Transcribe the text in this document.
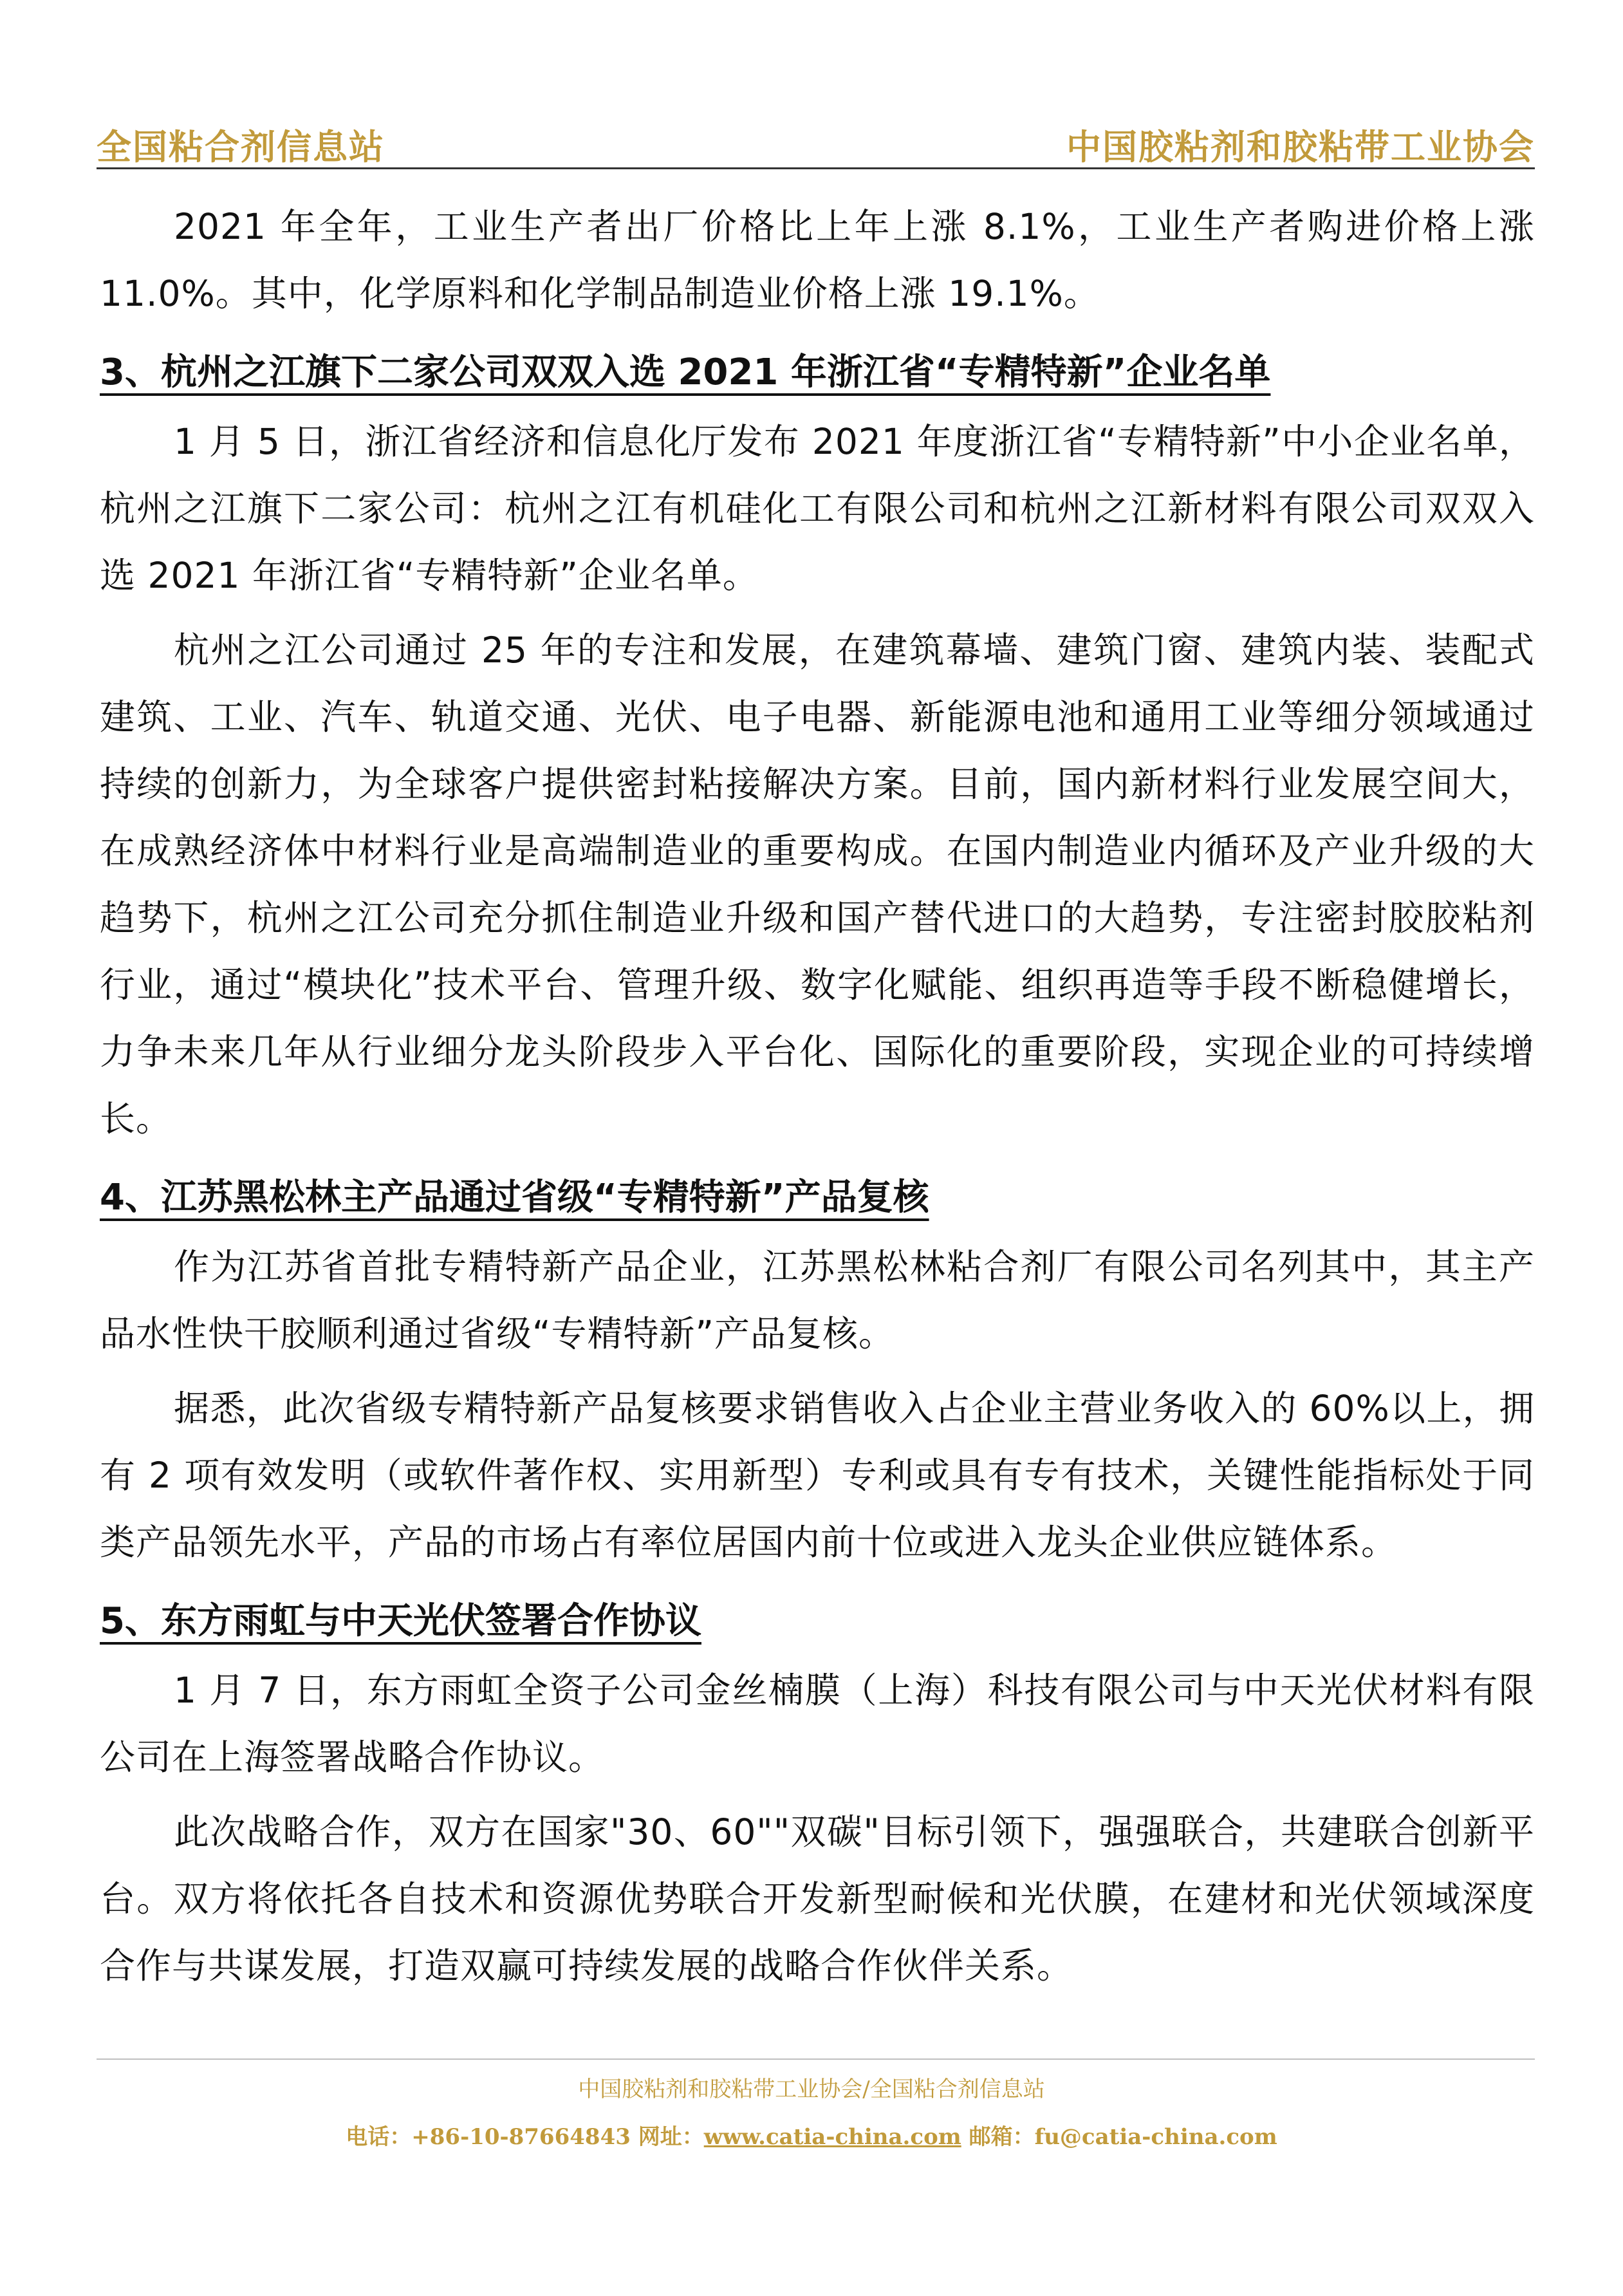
全国粘合剂信息站	中国胶粘剂和胶粘带工业协会

2021 年全年，工业生产者出厂价格比上年上涨 8.1%，工业生产者购进价格上涨 11.0%。其中，化学原料和化学制品制造业价格上涨 19.1%。

3、杭州之江旗下二家公司双双入选 2021 年浙江省“专精特新”企业名单

1 月 5 日，浙江省经济和信息化厅发布 2021 年度浙江省“专精特新”中小企业名单，杭州之江旗下二家公司：杭州之江有机硅化工有限公司和杭州之江新材料有限公司双双入选 2021 年浙江省“专精特新”企业名单。

杭州之江公司通过 25 年的专注和发展，在建筑幕墙、建筑门窗、建筑内装、装配式建筑、工业、汽车、轨道交通、光伏、电子电器、新能源电池和通用工业等细分领域通过持续的创新力，为全球客户提供密封粘接解决方案。目前，国内新材料行业发展空间大，在成熟经济体中材料行业是高端制造业的重要构成。在国内制造业内循环及产业升级的大趋势下，杭州之江公司充分抓住制造业升级和国产替代进口的大趋势，专注密封胶胶粘剂行业，通过“模块化”技术平台、管理升级、数字化赋能、组织再造等手段不断稳健增长，力争未来几年从行业细分龙头阶段步入平台化、国际化的重要阶段，实现企业的可持续增长。

4、江苏黑松林主产品通过省级“专精特新”产品复核

作为江苏省首批专精特新产品企业，江苏黑松林粘合剂厂有限公司名列其中，其主产品水性快干胶顺利通过省级“专精特新”产品复核。

据悉，此次省级专精特新产品复核要求销售收入占企业主营业务收入的 60%以上，拥有 2 项有效发明（或软件著作权、实用新型）专利或具有专有技术，关键性能指标处于同类产品领先水平，产品的市场占有率位居国内前十位或进入龙头企业供应链体系。

5、东方雨虹与中天光伏签署合作协议

1 月 7 日，东方雨虹全资子公司金丝楠膜（上海）科技有限公司与中天光伏材料有限公司在上海签署战略合作协议。

此次战略合作，双方在国家"30、60""双碳"目标引领下，强强联合，共建联合创新平台。双方将依托各自技术和资源优势联合开发新型耐候和光伏膜，在建材和光伏领域深度合作与共谋发展，打造双赢可持续发展的战略合作伙伴关系。

中国胶粘剂和胶粘带工业协会/全国粘合剂信息站
电话：+86-10-87664843 网址：www.catia-china.com 邮箱：fu@catia-china.com
